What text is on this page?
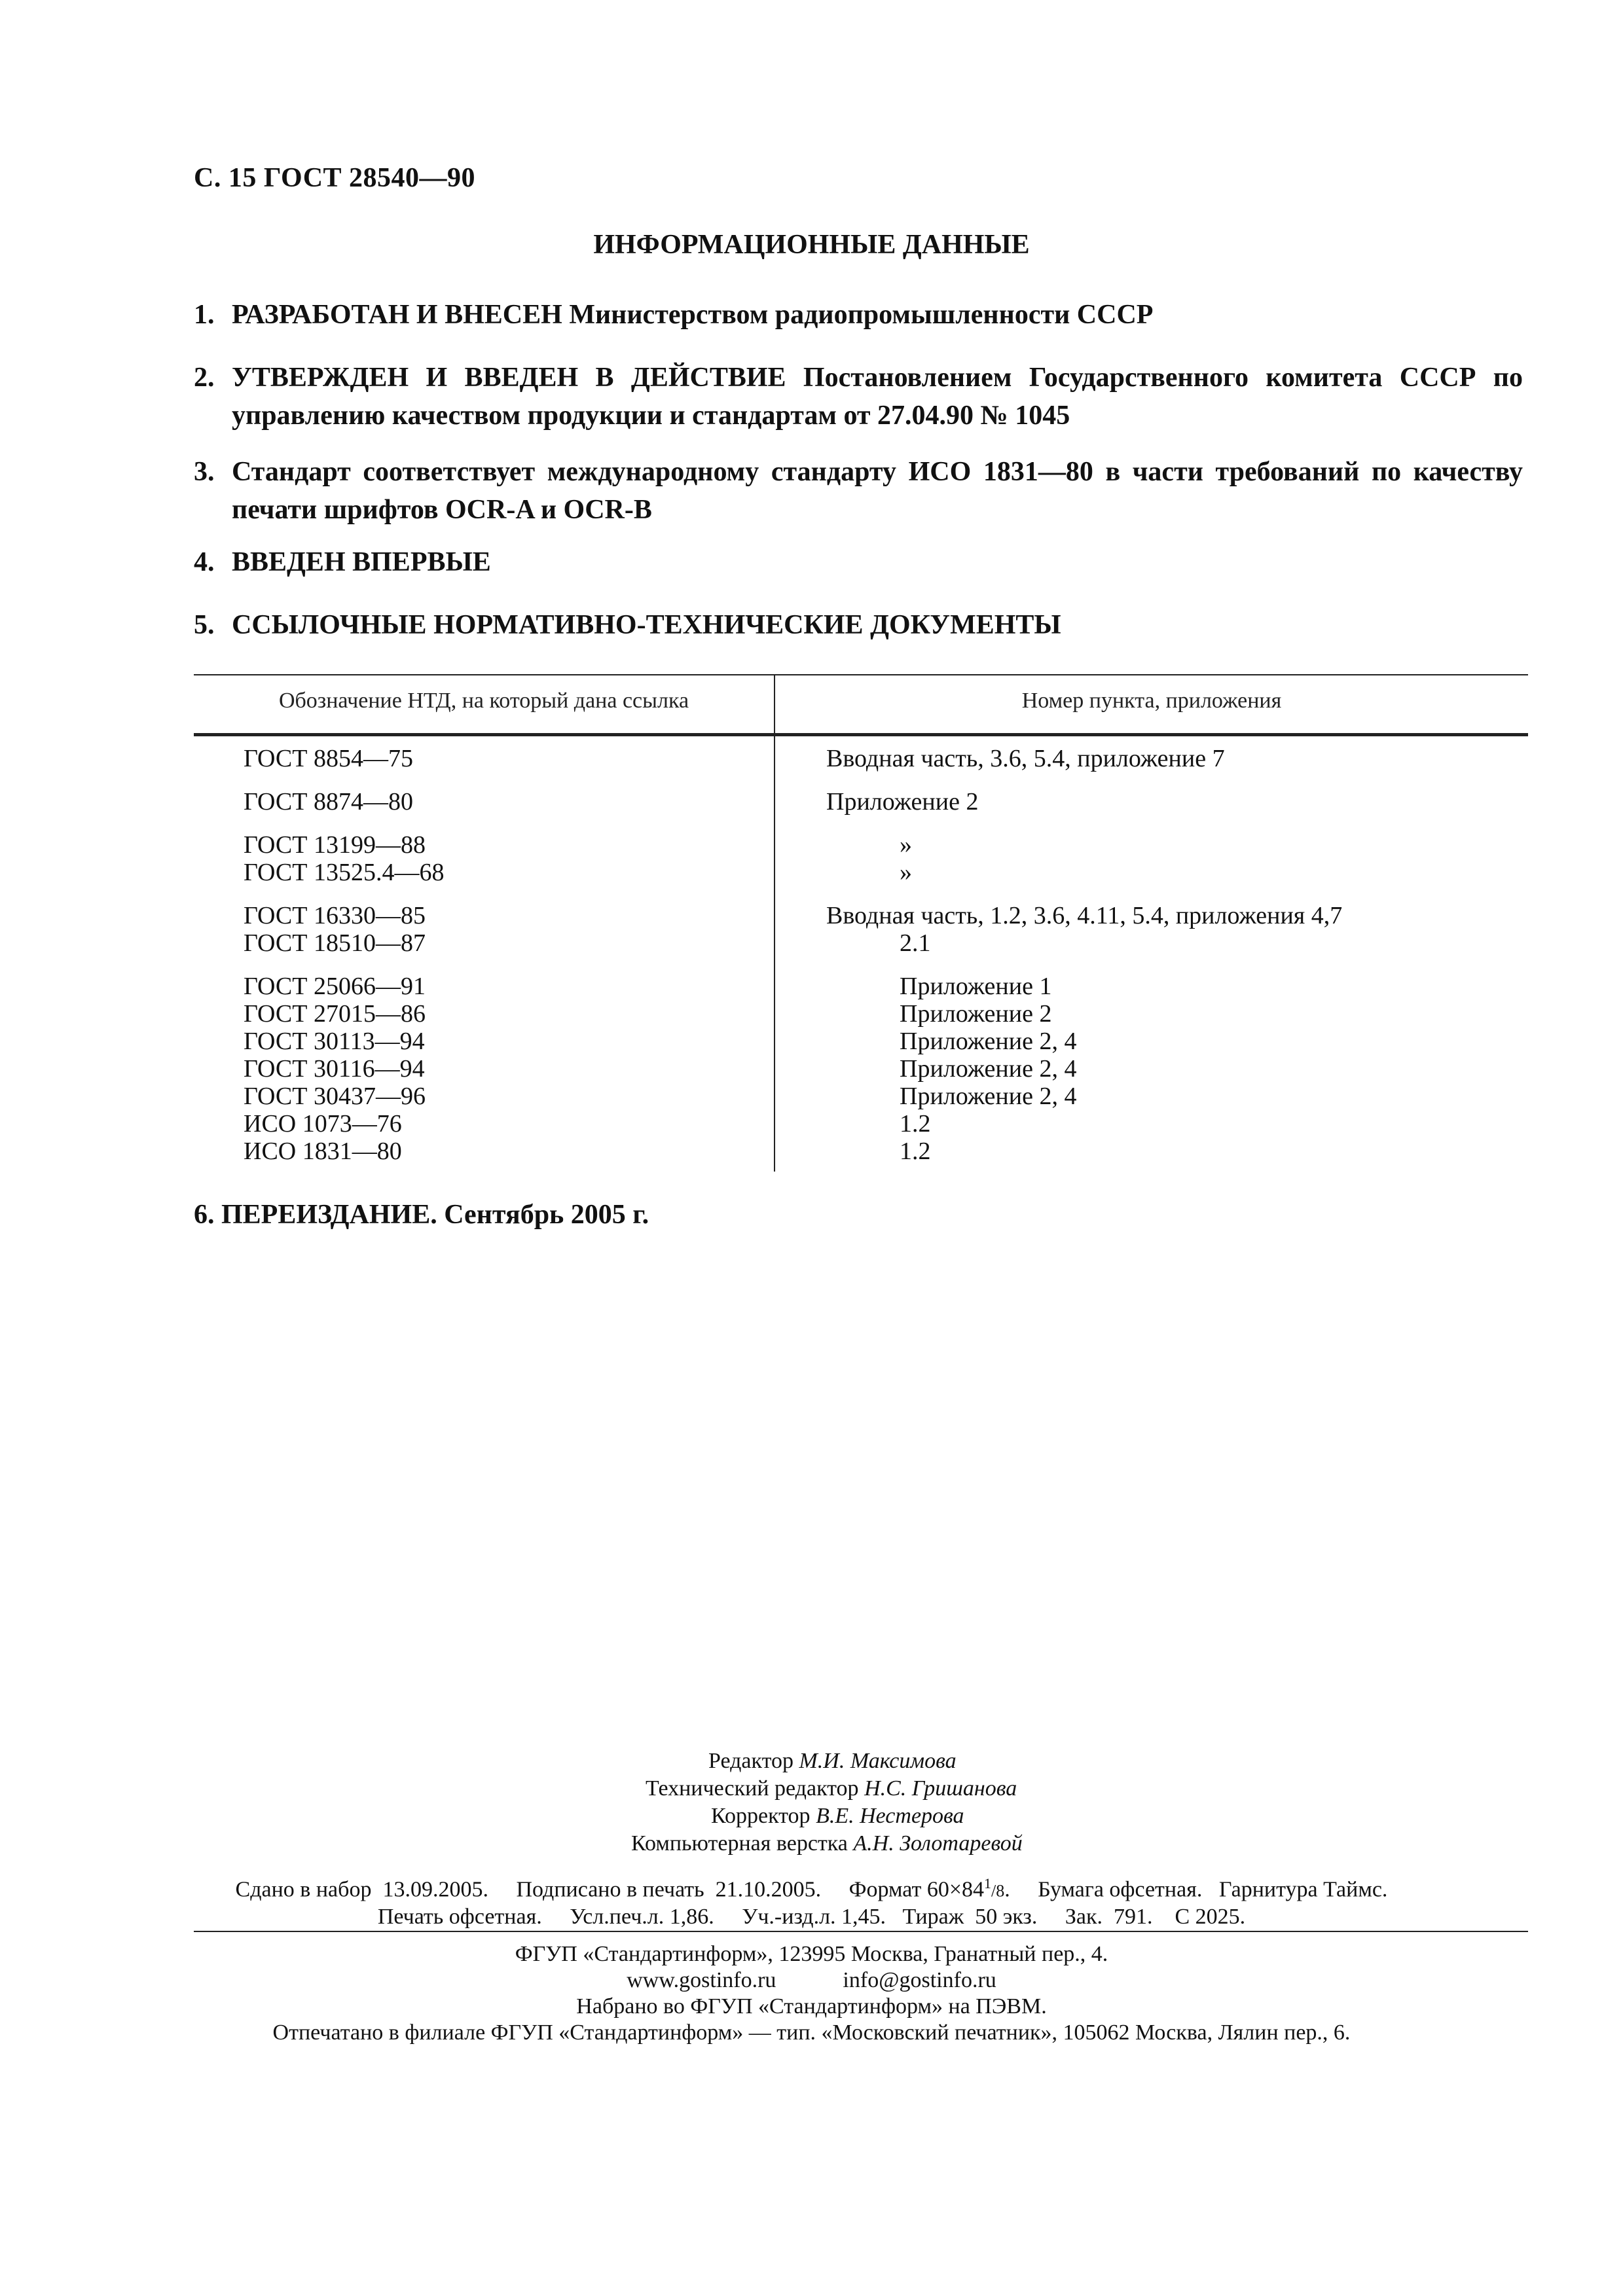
С. 15 ГОСТ 28540—90
ИНФОРМАЦИОННЫЕ ДАННЫЕ
1. РАЗРАБОТАН И ВНЕСЕН Министерством радиопромышленности СССР
2. УТВЕРЖДЕН И ВВЕДЕН В ДЕЙСТВИЕ Постановлением Государственного комитета СССР по управлению качеством продукции и стандартам от 27.04.90 № 1045
3. Стандарт соответствует международному стандарту ИСО 1831—80 в части требований по качеству печати шрифтов OCR-A и OCR-B
4. ВВЕДЕН ВПЕРВЫЕ
5. ССЫЛОЧНЫЕ НОРМАТИВНО-ТЕХНИЧЕСКИЕ ДОКУМЕНТЫ
Обозначение НТД, на который дана ссылка	Номер пункта, приложения
ГОСТ 8854—75	Вводная часть, 3.6, 5.4, приложение 7
ГОСТ 8874—80	Приложение 2
ГОСТ 13199—88	»
ГОСТ 13525.4—68	»
ГОСТ 16330—85	Вводная часть, 1.2, 3.6, 4.11, 5.4, приложения 4,7
ГОСТ 18510—87	2.1
ГОСТ 25066—91	Приложение 1
ГОСТ 27015—86	Приложение 2
ГОСТ 30113—94	Приложение 2, 4
ГОСТ 30116—94	Приложение 2, 4
ГОСТ 30437—96	Приложение 2, 4
ИСО 1073—76	1.2
ИСО 1831—80	1.2
6. ПЕРЕИЗДАНИЕ. Сентябрь 2005 г.
Редактор М.И. Максимова
Технический редактор Н.С. Гришанова
Корректор В.Е. Нестерова
Компьютерная верстка А.Н. Золотаревой
Сдано в набор  13.09.2005.     Подписано в печать  21.10.2005.     Формат $60\times 84^1/8$.     Бумага офсетная.   Гарнитура Таймс.
Печать офсетная.     Усл.печ.л. 1,86.     Уч.-изд.л. 1,45.   Тираж  50 экз.     Зак.  791.    С 2025.
ФГУП «Стандартинформ», 123995 Москва, Гранатный пер., 4.
www.gostinfo.ru            info@gostinfo.ru
Набрано во ФГУП «Стандартинформ» на ПЭВМ.
Отпечатано в филиале ФГУП «Стандартинформ» — тип. «Московский печатник», 105062 Москва, Лялин пер., 6.
